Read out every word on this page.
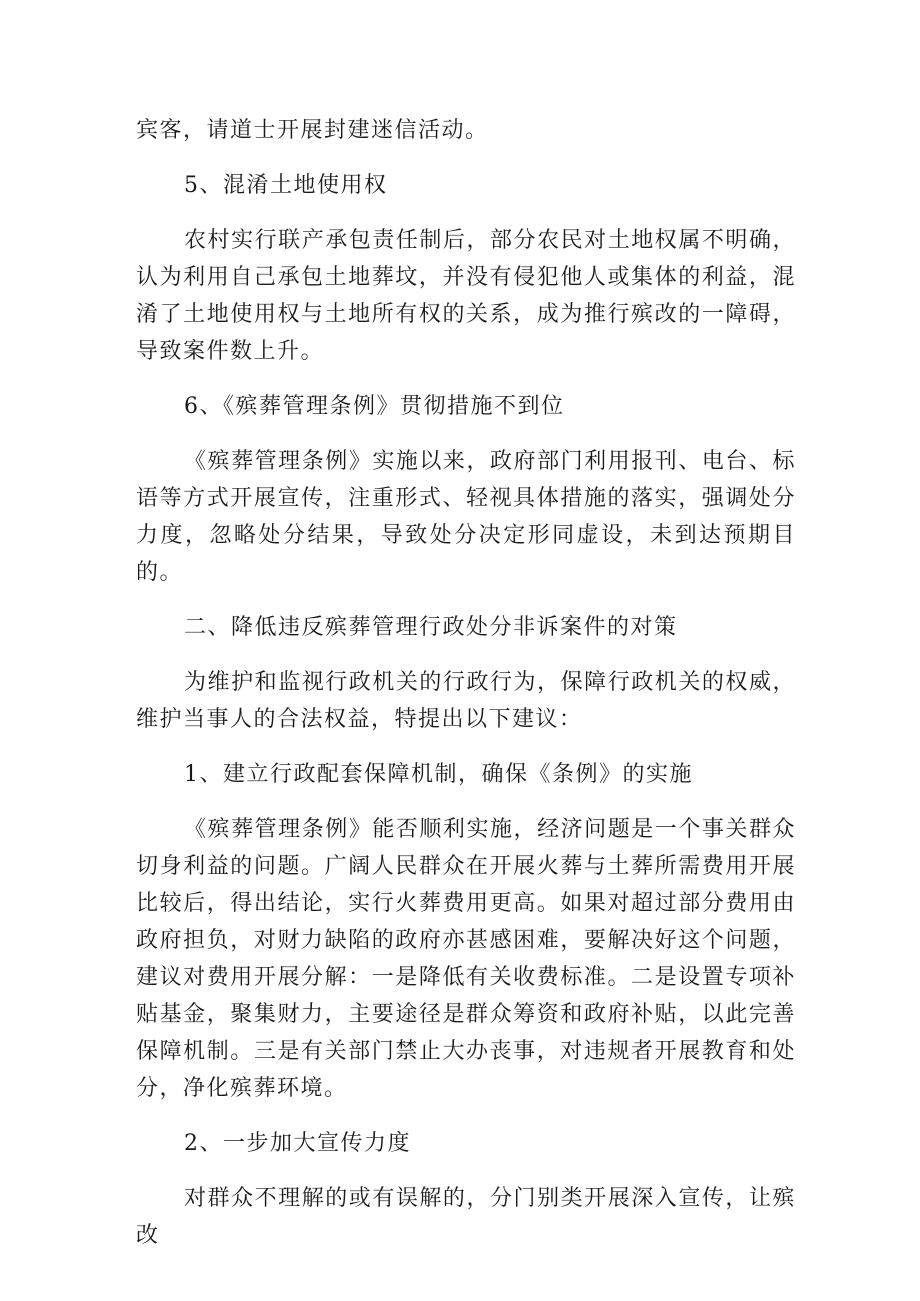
宾客，请道士开展封建迷信活动。

5、混淆土地使用权

农村实行联产承包责任制后，部分农民对土地权属不明确，认为利用自己承包土地葬坟，并没有侵犯他人或集体的利益，混淆了土地使用权与土地所有权的关系，成为推行殡改的一障碍，导致案件数上升。

6、《殡葬管理条例》贯彻措施不到位

《殡葬管理条例》实施以来，政府部门利用报刊、电台、标语等方式开展宣传，注重形式、轻视具体措施的落实，强调处分力度，忽略处分结果，导致处分决定形同虚设，未到达预期目的。

二、降低违反殡葬管理行政处分非诉案件的对策

为维护和监视行政机关的行政行为，保障行政机关的权威，维护当事人的合法权益，特提出以下建议：

1、建立行政配套保障机制，确保《条例》的实施

《殡葬管理条例》能否顺利实施，经济问题是一个事关群众切身利益的问题。广阔人民群众在开展火葬与土葬所需费用开展比较后，得出结论，实行火葬费用更高。如果对超过部分费用由政府担负，对财力缺陷的政府亦甚感困难，要解决好这个问题，建议对费用开展分解：一是降低有关收费标准。二是设置专项补贴基金，聚集财力，主要途径是群众筹资和政府补贴，以此完善保障机制。三是有关部门禁止大办丧事，对违规者开展教育和处分，净化殡葬环境。

2、一步加大宣传力度

对群众不理解的或有误解的，分门别类开展深入宣传，让殡改
